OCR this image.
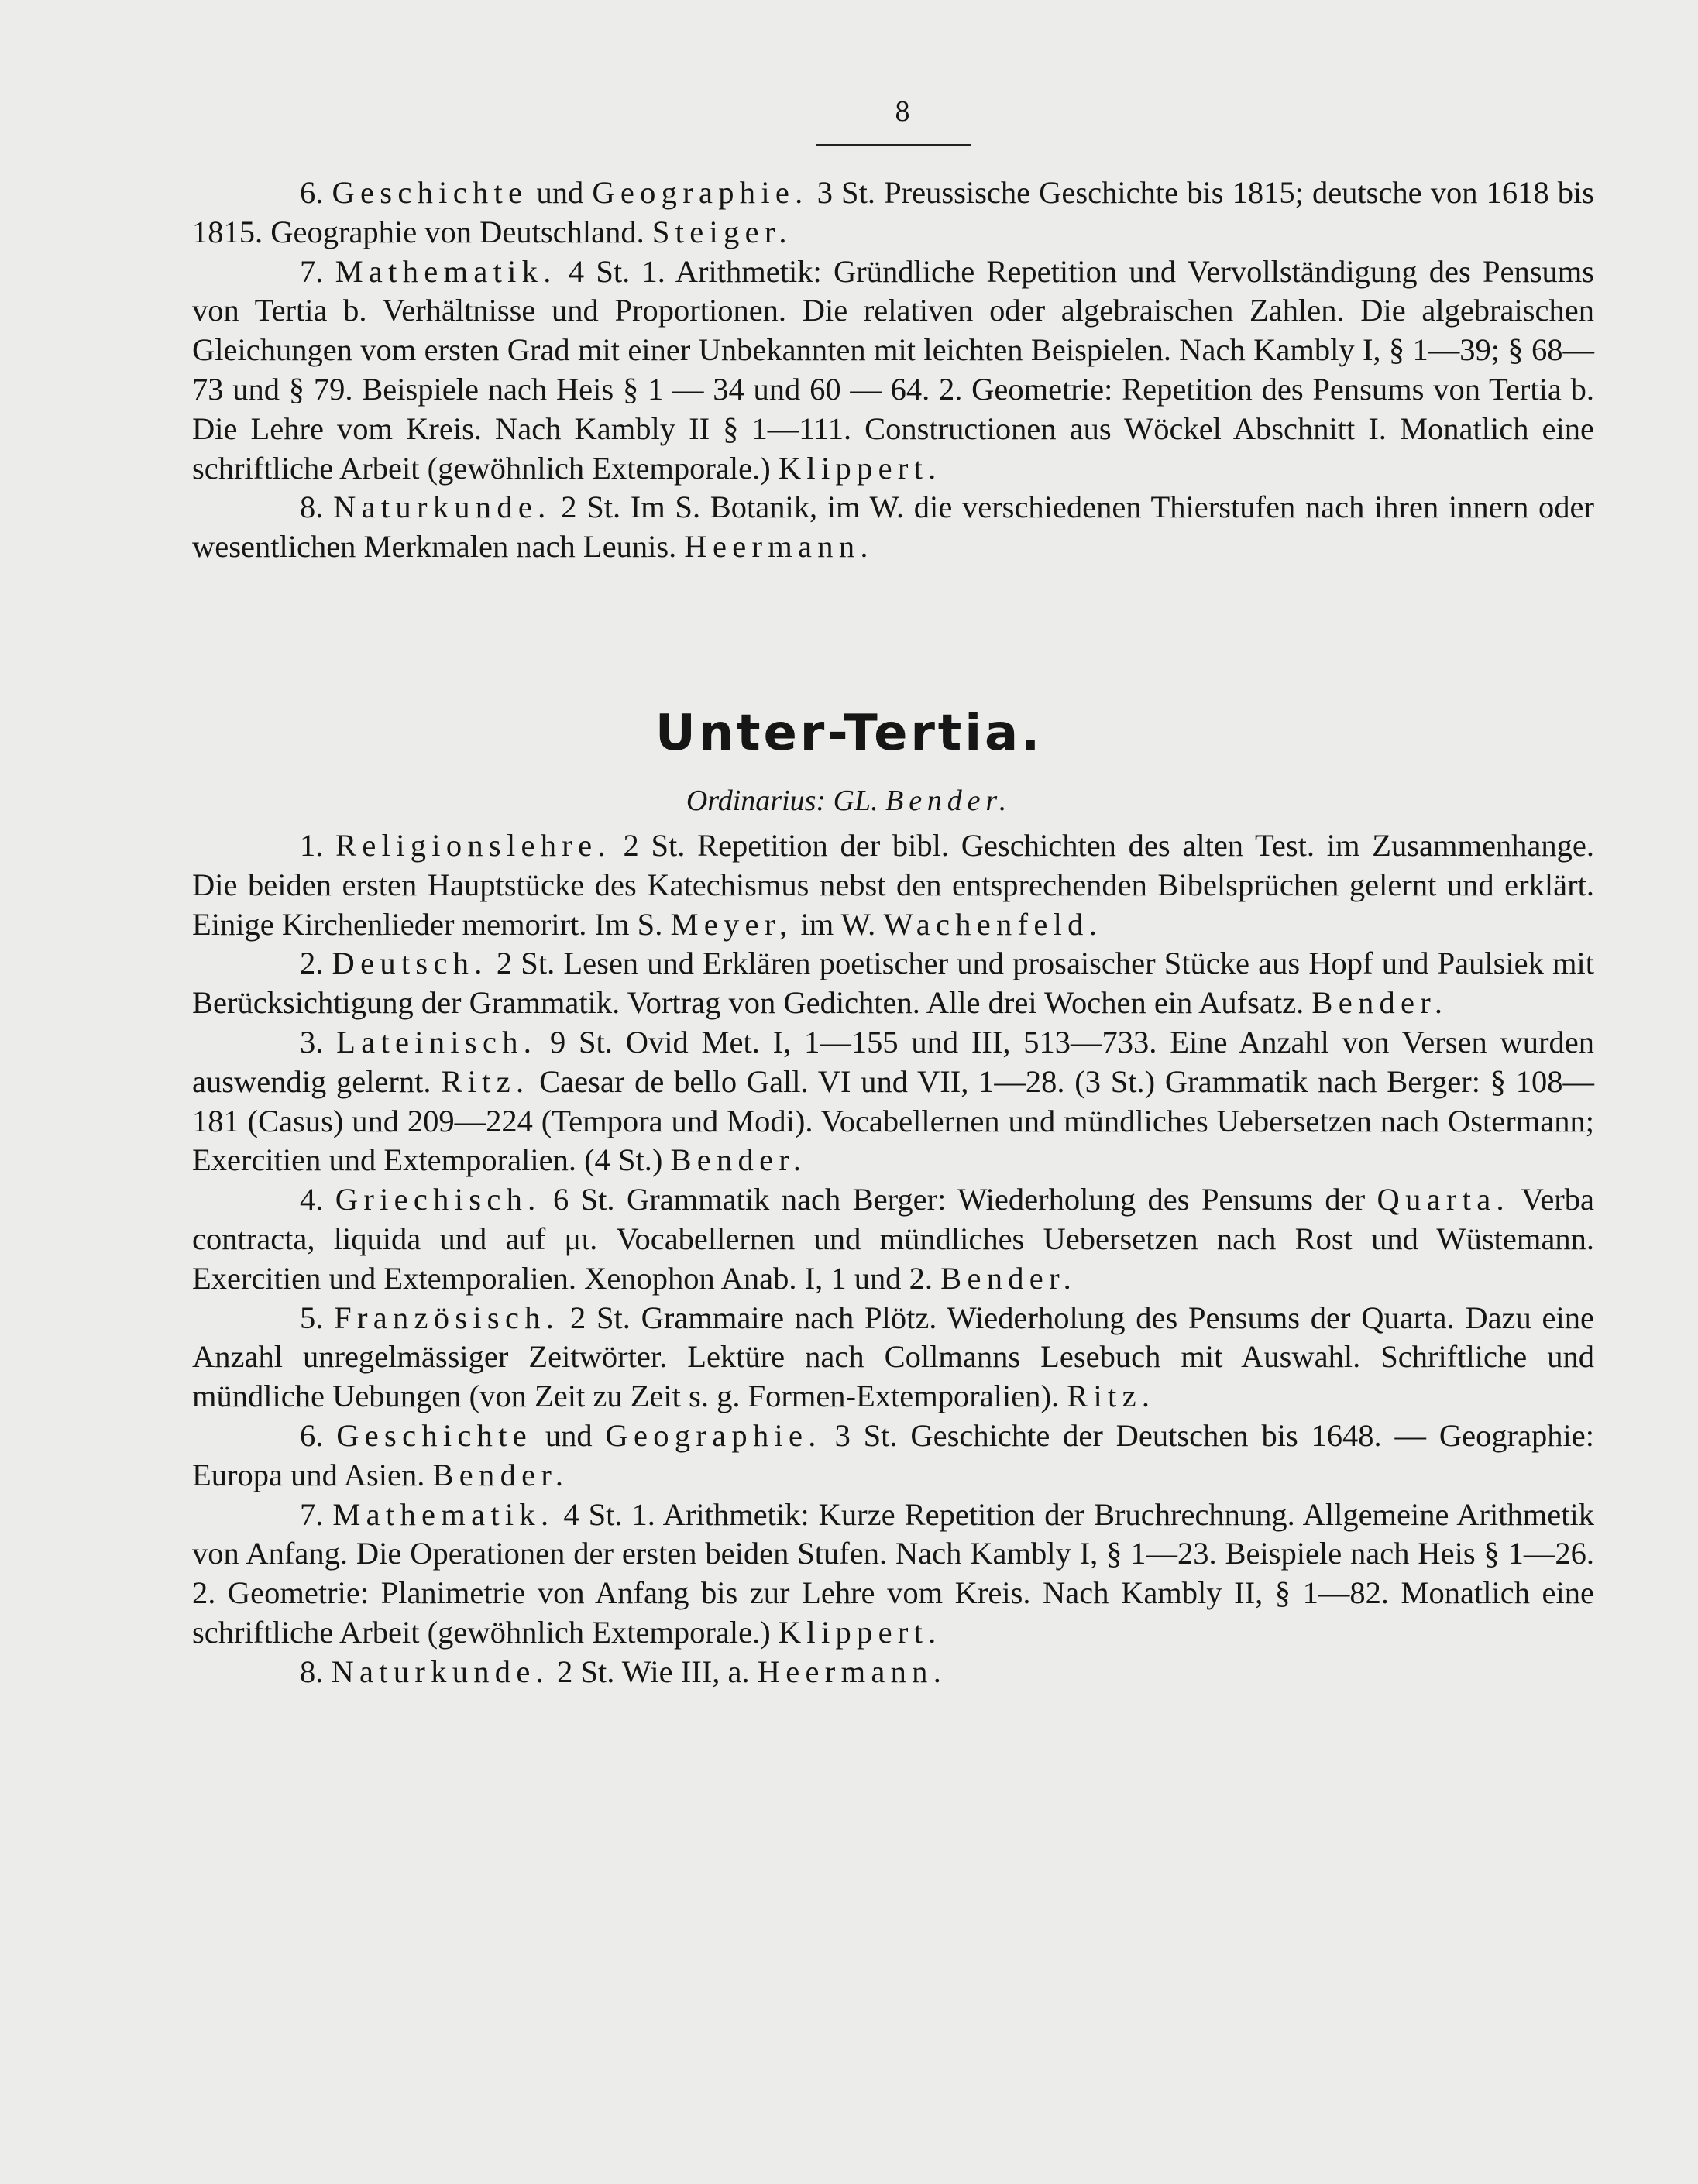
8

6. Geschichte und Geographie. 3 St. Preussische Geschichte bis 1815; deutsche von 1618 bis 1815. Geographie von Deutschland. Steiger.

7. Mathematik. 4 St. 1. Arithmetik: Gründliche Repetition und Vervollständigung des Pensums von Tertia b. Verhältnisse und Proportionen. Die relativen oder algebraischen Zahlen. Die algebraischen Gleichungen vom ersten Grad mit einer Unbekannten mit leichten Beispielen. Nach Kambly I, § 1—39; § 68—73 und § 79. Beispiele nach Heis § 1 — 34 und 60 — 64. 2. Geometrie: Repetition des Pensums von Tertia b. Die Lehre vom Kreis. Nach Kambly II § 1—111. Constructionen aus Wöckel Abschnitt I. Monatlich eine schriftliche Arbeit (gewöhnlich Extemporale.) Klippert.

8. Naturkunde. 2 St. Im S. Botanik, im W. die verschiedenen Thierstufen nach ihren innern oder wesentlichen Merkmalen nach Leunis. Heermann.

Unter-Tertia.
Ordinarius: GL. Bender.

1. Religionslehre. 2 St. Repetition der bibl. Geschichten des alten Test. im Zusammenhange. Die beiden ersten Hauptstücke des Katechismus nebst den entsprechenden Bibelsprüchen gelernt und erklärt. Einige Kirchenlieder memorirt. Im S. Meyer, im W. Wachenfeld.

2. Deutsch. 2 St. Lesen und Erklären poetischer und prosaischer Stücke aus Hopf und Paulsiek mit Berücksichtigung der Grammatik. Vortrag von Gedichten. Alle drei Wochen ein Aufsatz. Bender.

3. Lateinisch. 9 St. Ovid Met. I, 1—155 und III, 513—733. Eine Anzahl von Versen wurden auswendig gelernt. Ritz. Caesar de bello Gall. VI und VII, 1—28. (3 St.) Grammatik nach Berger: § 108—181 (Casus) und 209—224 (Tempora und Modi). Vocabellernen und mündliches Uebersetzen nach Ostermann; Exercitien und Extemporalien. (4 St.) Bender.

4. Griechisch. 6 St. Grammatik nach Berger: Wiederholung des Pensums der Quarta. Verba contracta, liquida und auf μι. Vocabellernen und mündliches Uebersetzen nach Rost und Wüstemann. Exercitien und Extemporalien. Xenophon Anab. I, 1 und 2. Bender.

5. Französisch. 2 St. Grammaire nach Plötz. Wiederholung des Pensums der Quarta. Dazu eine Anzahl unregelmässiger Zeitwörter. Lektüre nach Collmanns Lesebuch mit Auswahl. Schriftliche und mündliche Uebungen (von Zeit zu Zeit s. g. Formen-Extemporalien). Ritz.

6. Geschichte und Geographie. 3 St. Geschichte der Deutschen bis 1648. — Geographie: Europa und Asien. Bender.

7. Mathematik. 4 St. 1. Arithmetik: Kurze Repetition der Bruchrechnung. Allgemeine Arithmetik von Anfang. Die Operationen der ersten beiden Stufen. Nach Kambly I, § 1—23. Beispiele nach Heis § 1—26. 2. Geometrie: Planimetrie von Anfang bis zur Lehre vom Kreis. Nach Kambly II, § 1—82. Monatlich eine schriftliche Arbeit (gewöhnlich Extemporale.) Klippert.

8. Naturkunde. 2 St. Wie III, a. Heermann.
